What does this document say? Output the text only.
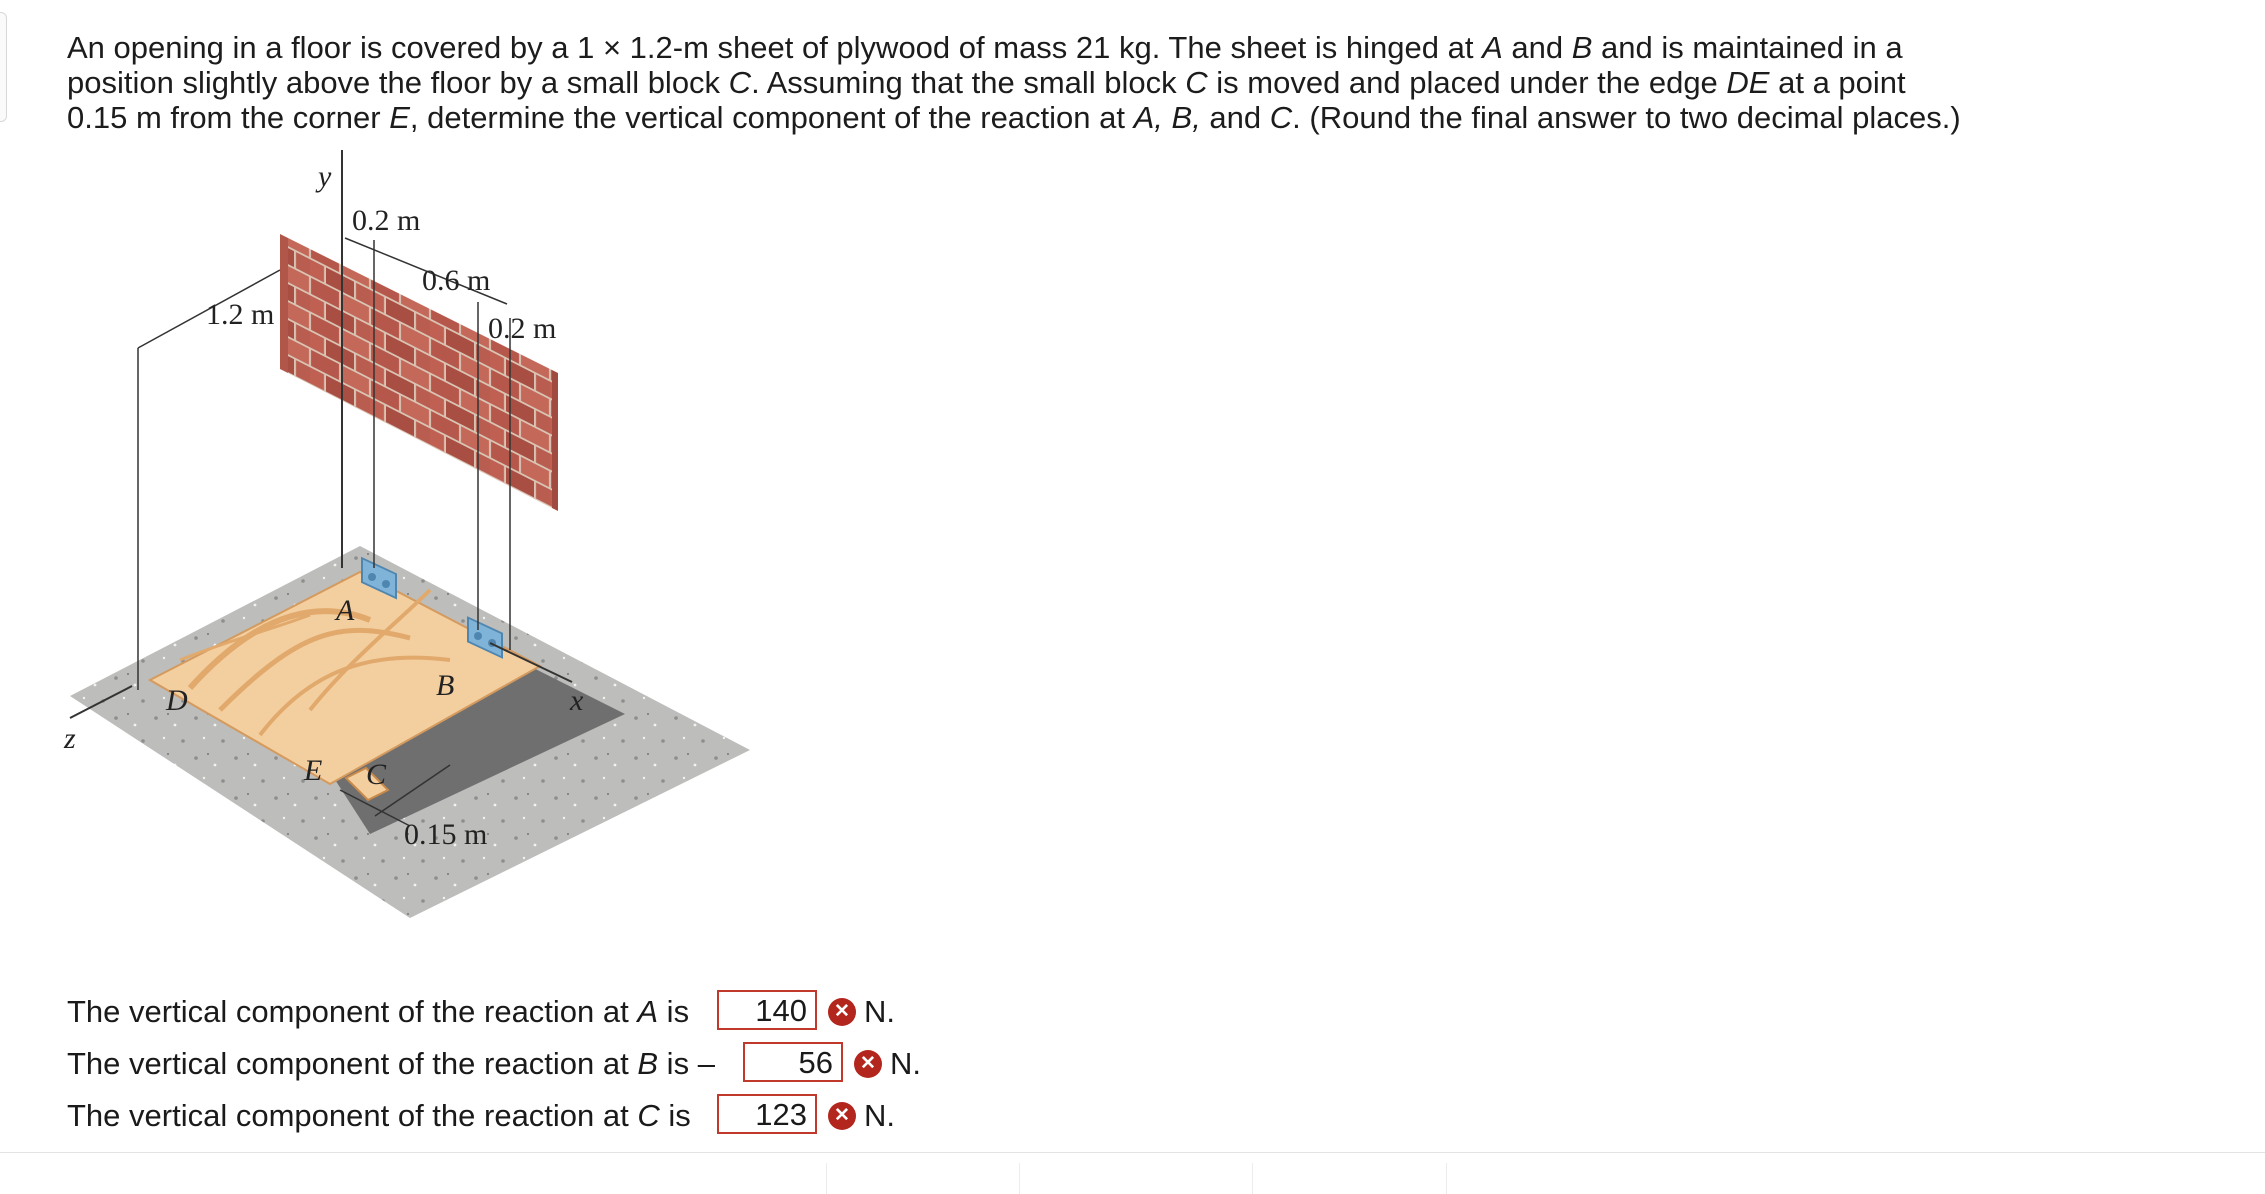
An opening in a floor is covered by a 1 × 1.2-m sheet of plywood of mass 21 kg. The sheet is hinged at A and B and is maintained in a position slightly above the floor by a small block C. Assuming that the small block C is moved and placed under the edge DE at a point 0.15 m from the corner E, determine the vertical component of the reaction at A, B, and C. (Round the final answer to two decimal places.)
y
x
z
0.2 m
0.6 m
0.2 m
1.2 m
0.15 m
A
B
C
D
E
The vertical component of the reaction at A is	140	✕ N.
The vertical component of the reaction at B is –	56	✕ N.
The vertical component of the reaction at C is	123	✕ N.
